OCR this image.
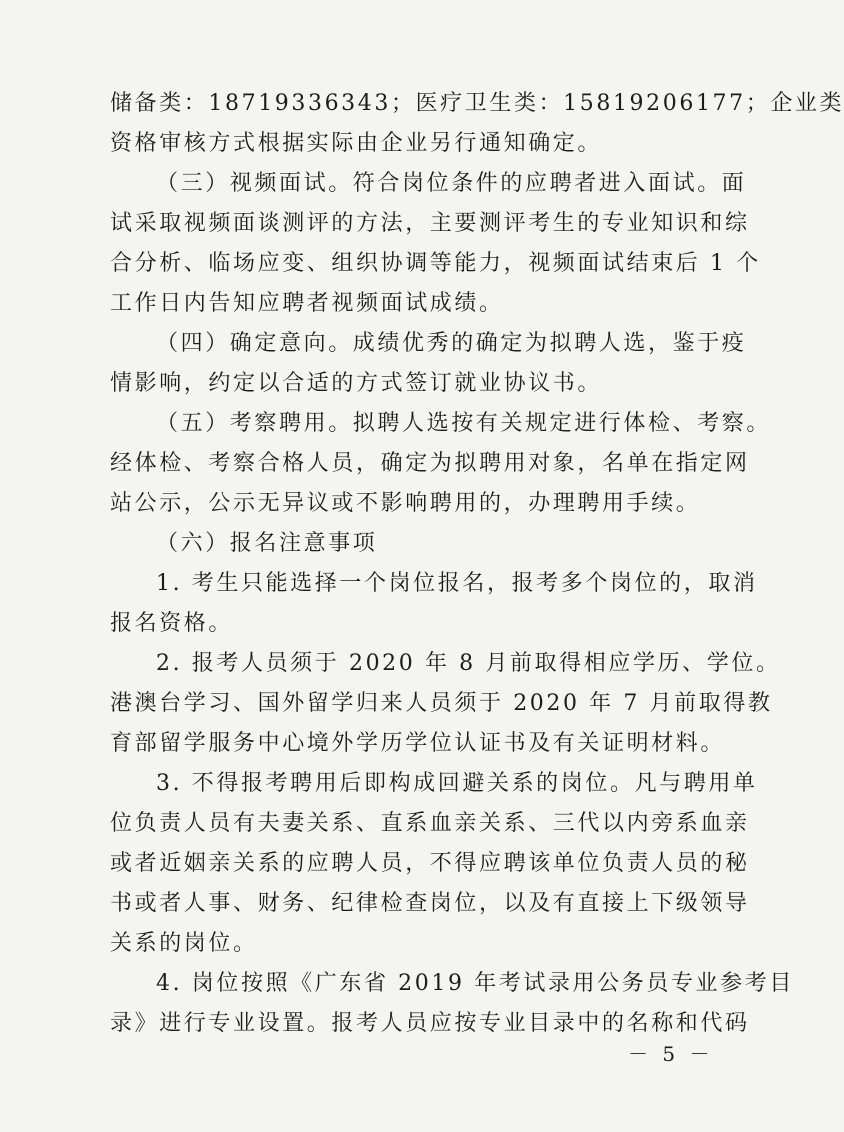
储备类：18719336343；医疗卫生类：15819206177；企业类
资格审核方式根据实际由企业另行通知确定。
（三）视频面试。符合岗位条件的应聘者进入面试。面
试采取视频面谈测评的方法，主要测评考生的专业知识和综
合分析、临场应变、组织协调等能力，视频面试结束后 1 个
工作日内告知应聘者视频面试成绩。
（四）确定意向。成绩优秀的确定为拟聘人选，鉴于疫
情影响，约定以合适的方式签订就业协议书。
（五）考察聘用。拟聘人选按有关规定进行体检、考察。
经体检、考察合格人员，确定为拟聘用对象，名单在指定网
站公示，公示无异议或不影响聘用的，办理聘用手续。
（六）报名注意事项
1. 考生只能选择一个岗位报名，报考多个岗位的，取消
报名资格。
2. 报考人员须于 2020 年 8 月前取得相应学历、学位。
港澳台学习、国外留学归来人员须于 2020 年 7 月前取得教
育部留学服务中心境外学历学位认证书及有关证明材料。
3. 不得报考聘用后即构成回避关系的岗位。凡与聘用单
位负责人员有夫妻关系、直系血亲关系、三代以内旁系血亲
或者近姻亲关系的应聘人员，不得应聘该单位负责人员的秘
书或者人事、财务、纪律检查岗位，以及有直接上下级领导
关系的岗位。
4. 岗位按照《广东省 2019 年考试录用公务员专业参考目
录》进行专业设置。报考人员应按专业目录中的名称和代码
－ 5 －
